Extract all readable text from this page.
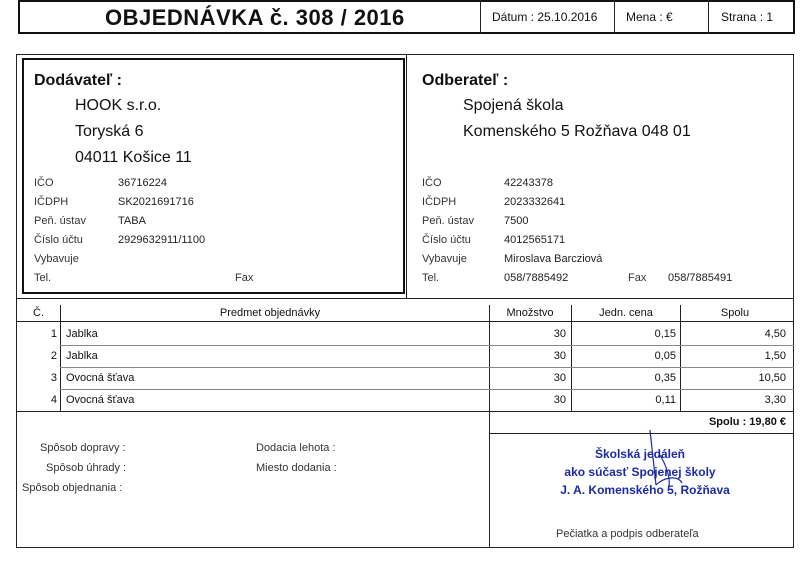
OBJEDNÁVKA č. 308 / 2016	Dátum : 25.10.2016 Mena : €	Strana : 1
Dodávateľ :
HOOK s.r.o.
Toryská 6
04011 Košice 11
IČO	36716224
IČDPH	SK2021691716
Peň. ústav	TABA
Číslo účtu	2929632911/1100
Vybavuje
Tel.	Fax
Odberateľ :
Spojená škola
Komenského 5 Rožňava 048 01
IČO	42243378
IČDPH	2023332641
Peň. ústav	7500
Číslo účtu	4012565171
Vybavuje	Miroslava Barcziová
Tel.	058/7885492	Fax 058/7885491
Č.	Predmet objednávky	Množstvo	Jedn. cena	Spolu
1 Jablka	30	0,15	4,50
2 Jablka	30	0,05	1,50
3 Ovocná šťava	30	0,35	10,50
4 Ovocná šťava	30	0,11	3,30
Spolu : 19,80 €
Spôsob dopravy :
Spôsob úhrady :
Spôsob objednania :
Dodacia lehota :
Miesto dodania :
Školská jedáleň
ako súčasť Spojenej školy
J. A. Komenského 5, Rožňava
Pečiatka a podpis odberateľa
